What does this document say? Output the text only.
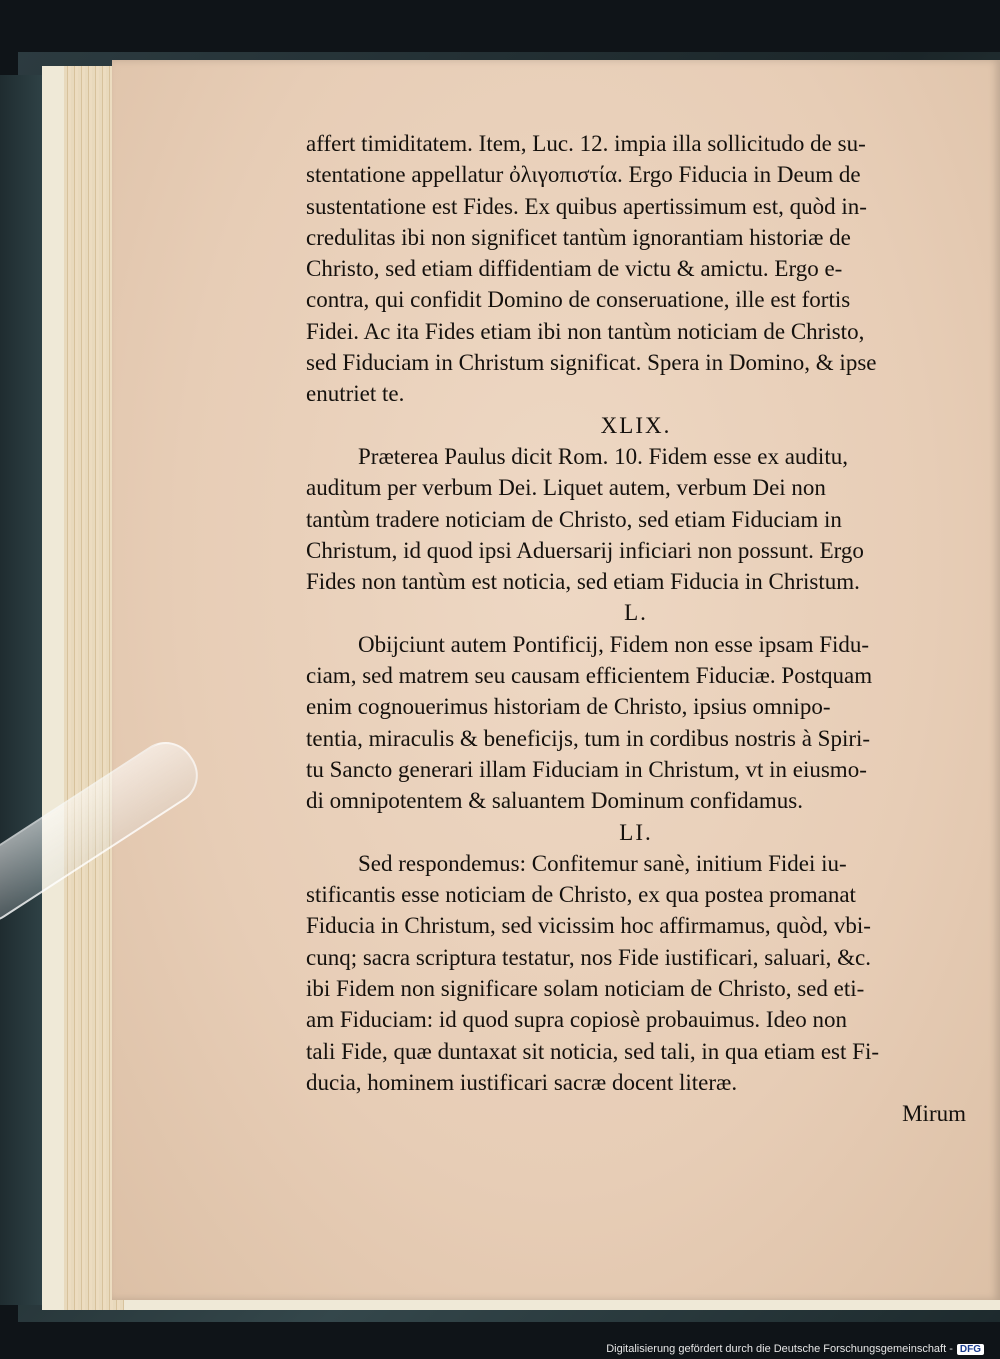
affert timiditatem. Item, Luc. 12. impia illa sollicitudo de su-

stentatione appellatur ὀλιγοπιστία. Ergo Fiducia in Deum de

sustentatione est Fides. Ex quibus apertissimum est, quòd in-

credulitas ibi non significet tantùm ignorantiam historiæ de

Christo, sed etiam diffidentiam de victu & amictu. Ergo e-

contra, qui confidit Domino de conseruatione, ille est fortis

Fidei. Ac ita Fides etiam ibi non tantùm noticiam de Christo,

sed Fiduciam in Christum significat. Spera in Domino, & ipse

enutriet te.

XLIX.

Præterea Paulus dicit Rom. 10. Fidem esse ex auditu,

auditum per verbum Dei. Liquet autem, verbum Dei non

tantùm tradere noticiam de Christo, sed etiam Fiduciam in

Christum, id quod ipsi Aduersarij inficiari non possunt. Ergo

Fides non tantùm est noticia, sed etiam Fiducia in Christum.

L.

Obijciunt autem Pontificij, Fidem non esse ipsam Fidu-

ciam, sed matrem seu causam efficientem Fiduciæ. Postquam

enim cognouerimus historiam de Christo, ipsius omnipo-

tentia, miraculis & beneficijs, tum in cordibus nostris à Spiri-

tu Sancto generari illam Fiduciam in Christum, vt in eiusmo-

di omnipotentem & saluantem Dominum confidamus.

LI.

Sed respondemus: Confitemur sanè, initium Fidei iu-

stificantis esse noticiam de Christo, ex qua postea promanat

Fiducia in Christum, sed vicissim hoc affirmamus, quòd, vbi-

cunq; sacra scriptura testatur, nos Fide iustificari, saluari, &c.

ibi Fidem non significare solam noticiam de Christo, sed eti-

am Fiduciam: id quod supra copiosè probauimus. Ideo non

tali Fide, quæ duntaxat sit noticia, sed tali, in qua etiam est Fi-

ducia, hominem iustificari sacræ docent literæ.

Mirum

Digitalisierung gefördert durch die Deutsche Forschungsgemeinschaft - DFG
